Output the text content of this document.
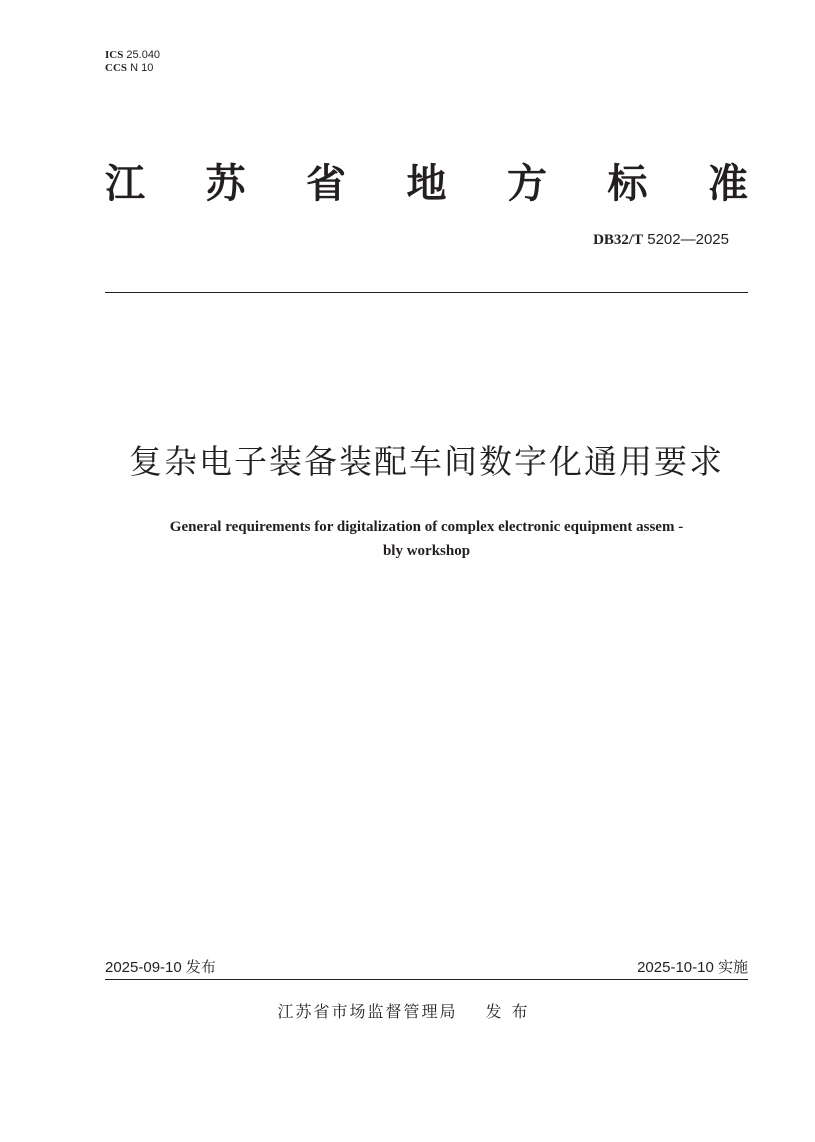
ICS 25.040
CCS N 10
江 苏 省 地 方 标 准
DB32/T 5202—2025
复杂电子装备装配车间数字化通用要求
General requirements for digitalization of complex electronic equipment assem -
bly workshop
2025-09-10 发布	2025-10-10 实施
江苏省市场监督管理局 发布
